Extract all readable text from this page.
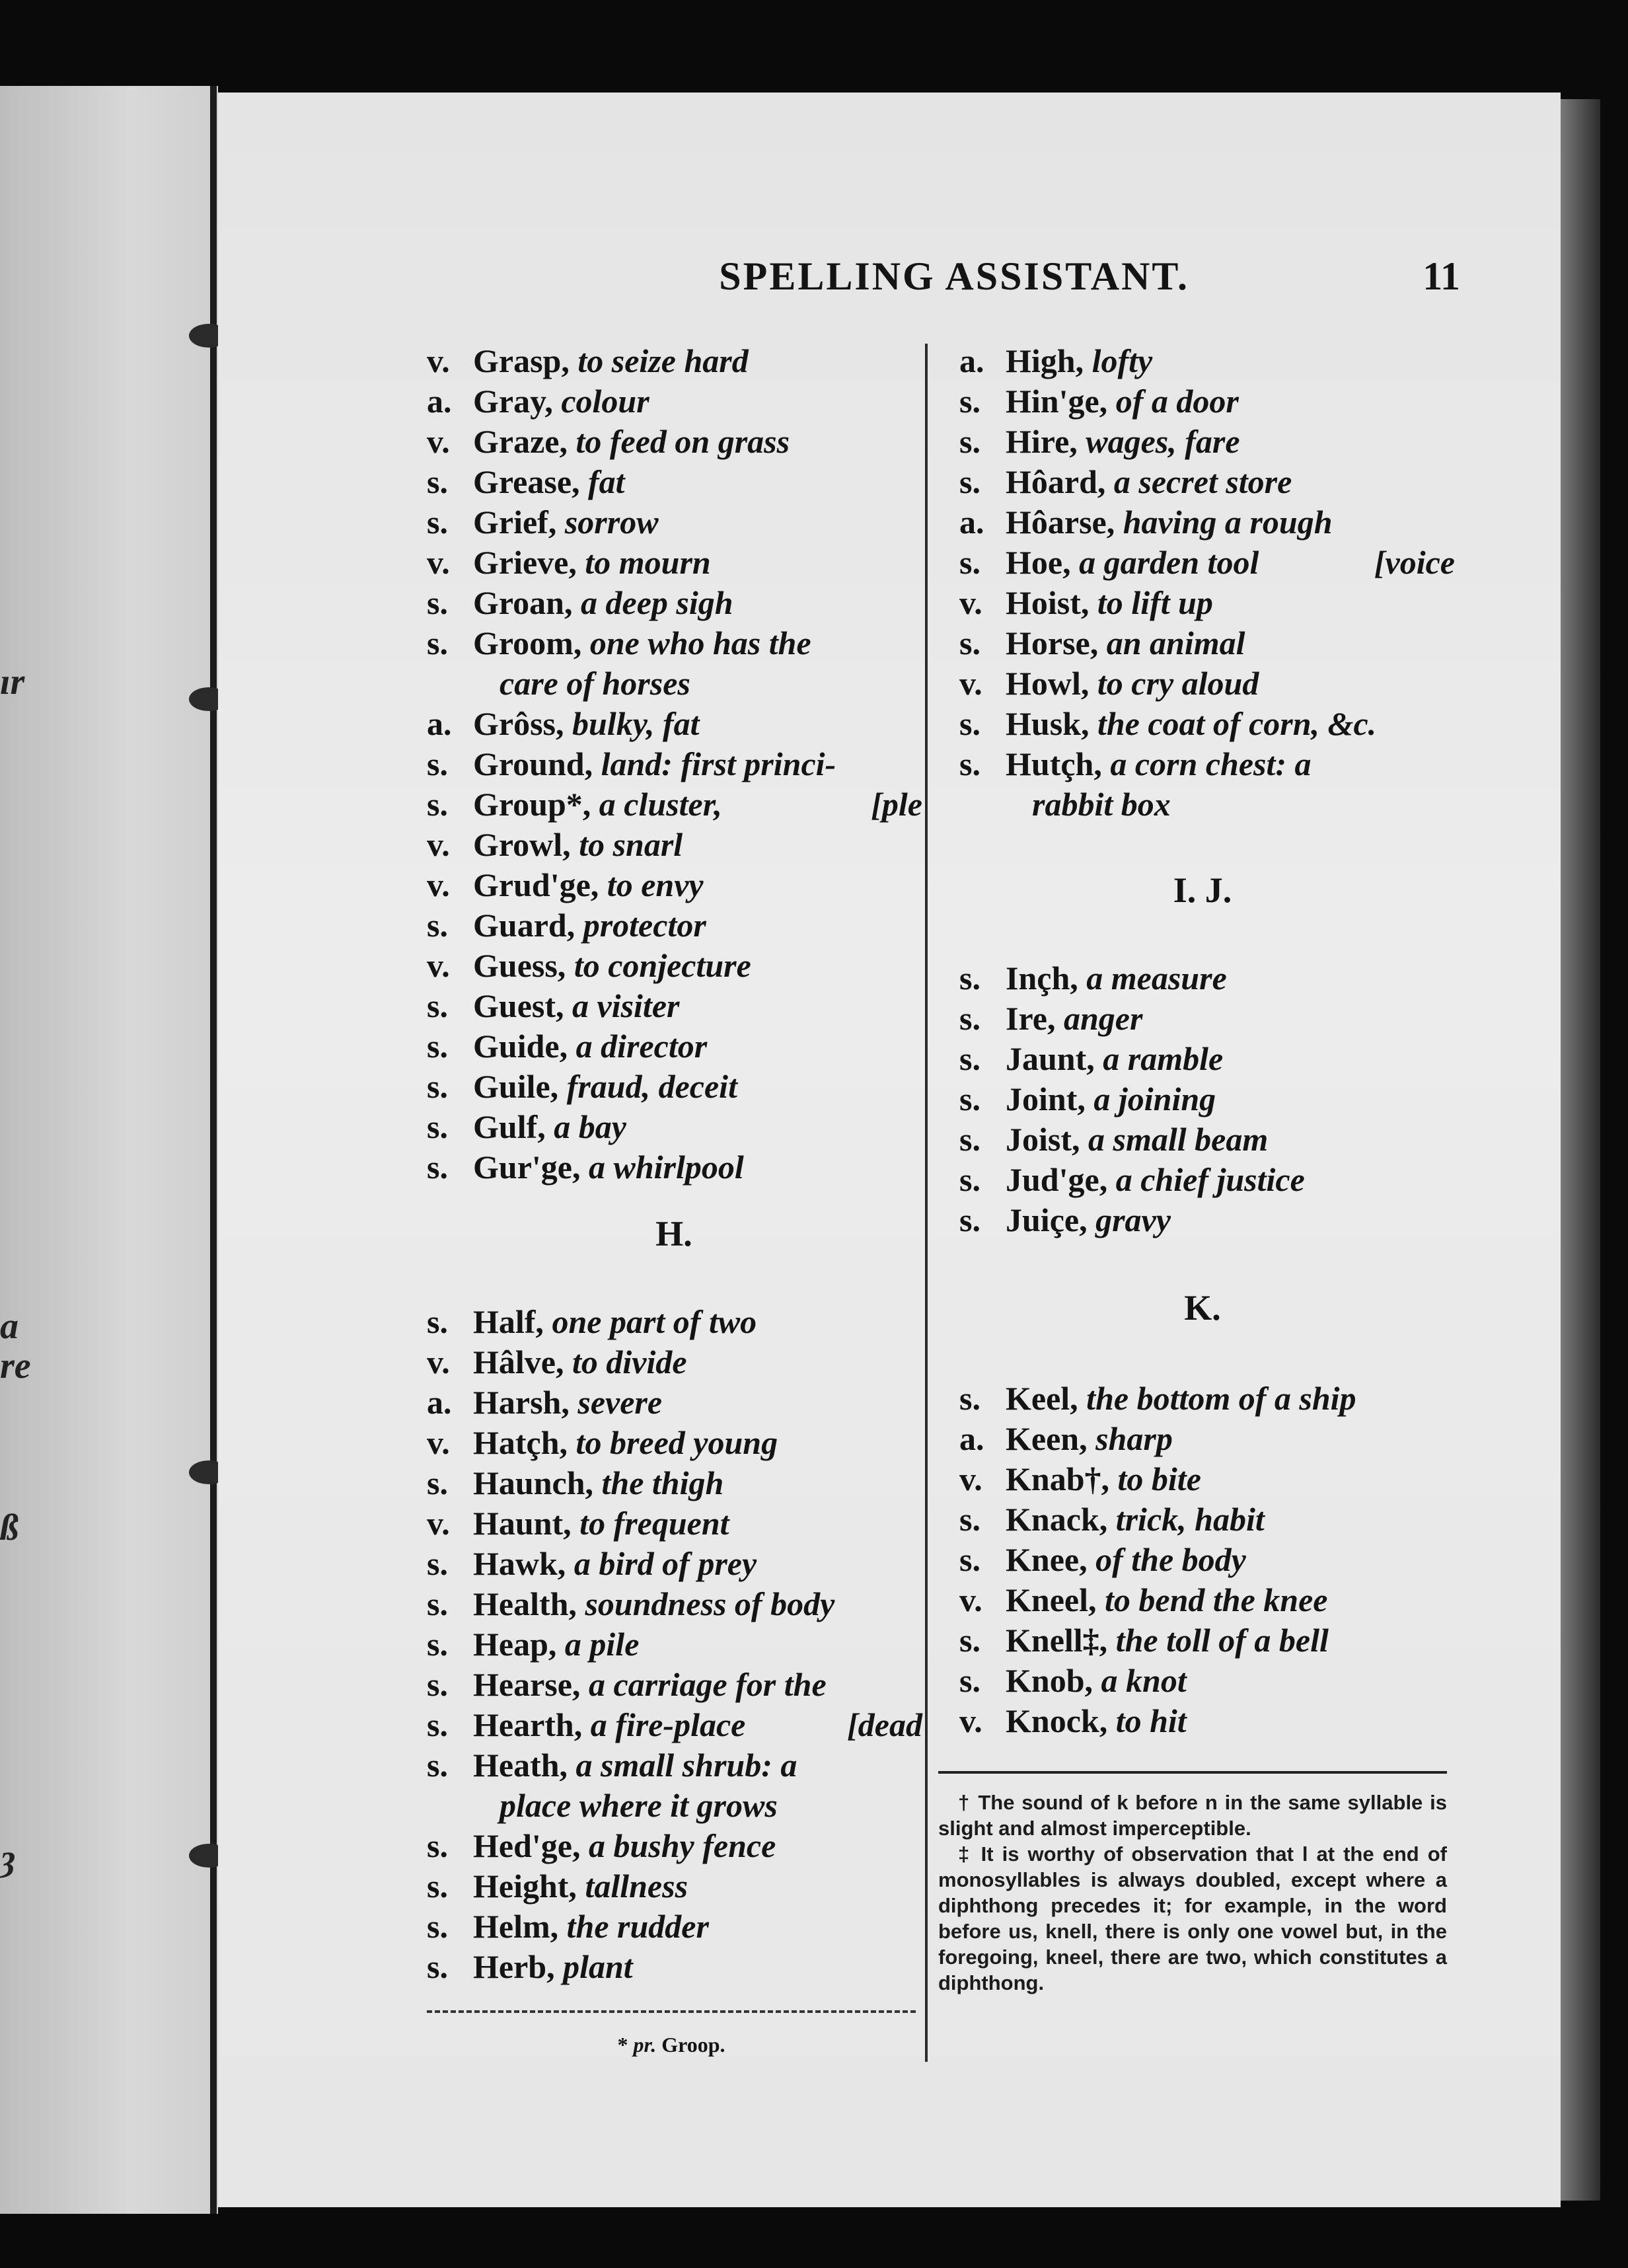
ır
a
re
ß
ȝ
SPELLING ASSISTANT.	11
v. Grasp, to seize hard
a. Gray, colour
v. Graze, to feed on grass
s. Grease, fat
s. Grief, sorrow
v. Grieve, to mourn
s. Groan, a deep sigh
s. Groom, one who has the
care of horses
a. Grôss, bulky, fat
s. Ground, land: first princi-
s. Group*, a cluster,	[ple
v. Growl, to snarl
v. Grud'ge, to envy
s. Guard, protector
v. Guess, to conjecture
s. Guest, a visiter
s. Guide, a director
s. Guile, fraud, deceit
s. Gulf, a bay
s. Gur'ge, a whirlpool
H.
s. Half, one part of two
v. Hâlve, to divide
a. Harsh, severe
v. Hatçh, to breed young
s. Haunch, the thigh
v. Haunt, to frequent
s. Hawk, a bird of prey
s. Health, soundness of body
s. Heap, a pile
s. Hearse, a carriage for the
s. Hearth, a fire-place	[dead
s. Heath, a small shrub: a
place where it grows
s. Hed'ge, a bushy fence
s. Height, tallness
s. Helm, the rudder
s. Herb, plant
a. High, lofty
s. Hin'ge, of a door
s. Hire, wages, fare
s. Hôard, a secret store
a. Hôarse, having a rough
s. Hoe, a garden tool	[voice
v. Hoist, to lift up
s. Horse, an animal
v. Howl, to cry aloud
s. Husk, the coat of corn, &c.
s. Hutçh, a corn chest: a
rabbit box
I. J.
s. Inçh, a measure
s. Ire, anger
s. Jaunt, a ramble
s. Joint, a joining
s. Joist, a small beam
s. Jud'ge, a chief justice
s. Juiçe, gravy
K.
s. Keel, the bottom of a ship
a. Keen, sharp
v. Knab†, to bite
s. Knack, trick, habit
s. Knee, of the body
v. Kneel, to bend the knee
s. Knell‡, the toll of a bell
s. Knob, a knot
v. Knock, to hit
* pr. Groop.

† The sound of k before n in the same syllable is slight and almost imperceptible.

‡ It is worthy of observation that l at the end of monosyllables is always doubled, except where a diphthong precedes it; for example, in the word before us, knell, there is only one vowel but, in the foregoing, kneel, there are two, which constitutes a diphthong.
